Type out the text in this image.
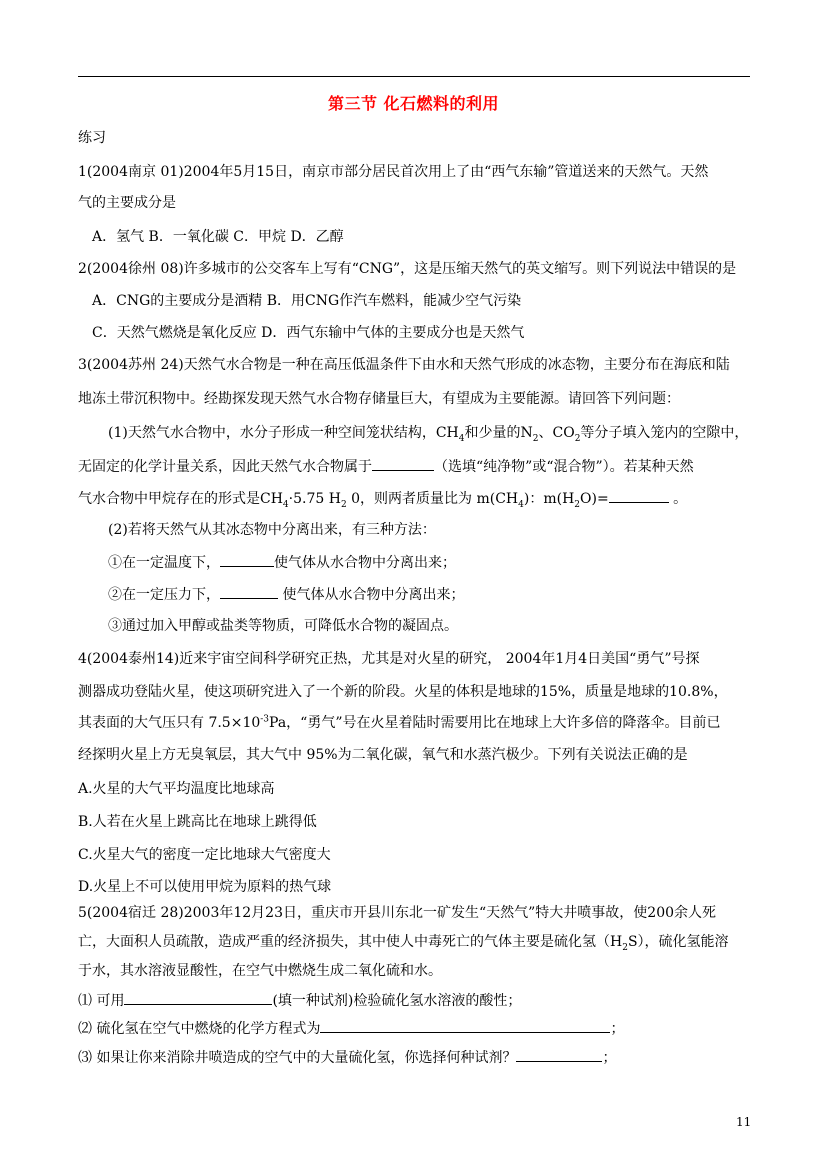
第三节 化石燃料的利用
练习
1(2004南京 01)2004年5月15日，南京市部分居民首次用上了由“西气东输”管道送来的天然气。天然
气的主要成分是
A．氢气 B．一氧化碳 C．甲烷 D．乙醇
2(2004徐州 08)许多城市的公交客车上写有“CNG”，这是压缩天然气的英文缩写。则下列说法中错误的是
A．CNG的主要成分是酒精 B．用CNG作汽车燃料，能减少空气污染
C．天然气燃烧是氧化反应 D．西气东输中气体的主要成分也是天然气
3(2004苏州 24)天然气水合物是一种在高压低温条件下由水和天然气形成的冰态物，主要分布在海底和陆
地冻土带沉积物中。经勘探发现天然气水合物存储量巨大，有望成为主要能源。请回答下列问题：
(1)天然气水合物中，水分子形成一种空间笼状结构，$CH_4$和少量的$N_2$、$CO_2$等分子填入笼内的空隙中，
无固定的化学计量关系，因此天然气水合物属于	（选填“纯净物”或“混合物”）。若某种天然
气水合物中甲烷存在的形式是$CH_4\cdot 5.75$ $H_2$ 0，则两者质量比为 $m(CH_4)$：$m(H_2O)=$	。
(2)若将天然气从其冰态物中分离出来，有三种方法：
①在一定温度下，	使气体从水合物中分离出来；
②在一定压力下，	使气体从水合物中分离出来；
③通过加入甲醇或盐类等物质，可降低水合物的凝固点。
4(2004泰州14)近来宇宙空间科学研究正热，尤其是对火星的研究， 2004年1月4日美国“勇气”号探
测器成功登陆火星，使这项研究进入了一个新的阶段。火星的体积是地球的15%，质量是地球的10.8%，
其表面的大气压只有 $7.5\times 10^{-3}Pa$，“勇气”号在火星着陆时需要用比在地球上大许多倍的降落伞。目前已
经探明火星上方无臭氧层，其大气中 95%为二氧化碳，氧气和水蒸汽极少。下列有关说法正确的是
A.火星的大气平均温度比地球高
B.人若在火星上跳高比在地球上跳得低
C.火星大气的密度一定比地球大气密度大
D.火星上不可以使用甲烷为原料的热气球
5(2004宿迁 28)2003年12月23日，重庆市开县川东北一矿发生“天然气”特大井喷事故，使200余人死
亡，大面积人员疏散，造成严重的经济损失，其中使人中毒死亡的气体主要是硫化氢$(H_2S)$，硫化氢能溶
于水，其水溶液显酸性，在空气中燃烧生成二氧化硫和水。
⑴ 可用	(填一种试剂)检验硫化氢水溶液的酸性；
⑵ 硫化氢在空气中燃烧的化学方程式为	；
⑶ 如果让你来消除井喷造成的空气中的大量硫化氢，你选择何种试剂？	；
11
